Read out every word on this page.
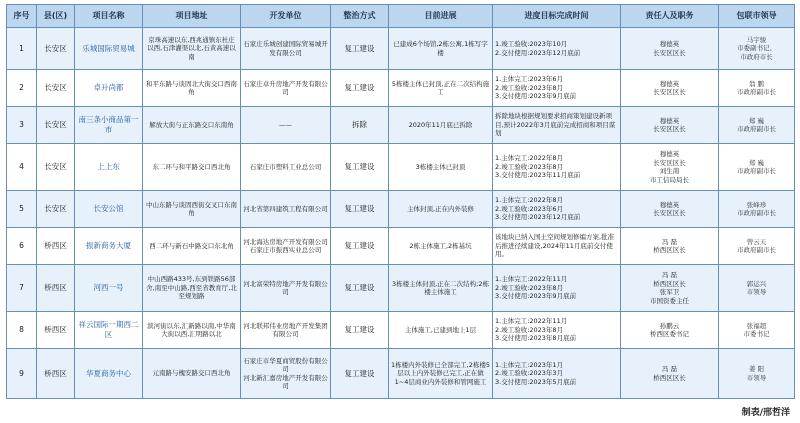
序号	县(区)	项目名称	项目地址	开发单位	整治方式	目前进展	进度目标完成时间	责任人及职务	包联市领导
1	长安区	乐城国际贸易城	京珠高速以东,西兆通镇东杜庄以西,石津灌渠以北,石黄高速以南	石家庄乐城创建国际贸易城开发有限公司	复工建设	已建成6个场馆,2栋公寓,1栋写字楼	1.竣工验收:2023年10月
2.交付使用:2023年12月底前	穆德英
长安区区长	马宇骏
市委副书记、
市政府市长
2	长安区	卓升尚都	和平东路与谈固北大街交口西南角	石家庄卓升房地产开发有限公司	复工建设	5栋楼主体已封顶,正在二次结构施工	1.主体完工:2023年6月
2.竣工验收:2023年8月
3.交付使用:2023年9月底前	穆德英
长安区区长	翁 鹏
市政府副市长
3	长安区	南三条小商品第一市	解放大街与正东路交口东南角	——	拆除	2020年11月底已拆除	拆除地块根据规划要求招商策划建设新项目,预计2022年3月底前完成招商和项目谋划	穆德英
长安区区长	郑 巍
市政府副市长
4	长安区	上上东	东二环与和平路交口西北角	石家庄市塑料工业总公司	复工建设	3栋楼主体已封顶	1.主体完工:2022年8月
2.竣工验收:2023年8月
3.交付使用:2023年11月底前	穆德英
长安区区长
刘生南
市工信局局长	郑 巍
市政府副市长
5	长安区	长安公馆	中山东路与谈固西街交叉口东南角	河北省第四建筑工程有限公司	复工建设	主体封顶,正在内外装修	1.主体完工:2022年8月
2.竣工验收:2023年6月
3.交付使用:2023年12月底前	穆德英
长安区区长	张峰珍
市政府副市长
6	桥西区	振新商务大厦	西二环与新石中路交口东北角	河北海达房地产开发有限公司
石家庄市振西实业总公司	复工建设	2栋主体施工,2栋基坑	该地块已纳入国土空间规划修编方案,批准后推进径续建设,2024年11月底前交付使用。	冯 磊
桥西区区长	曾云天
市政府副市长
7	桥西区	河西一号	中山西路433号,东到铁路56部舍,南至中山路,西至省教育厅,北至规划路	河北富荣特房地产开发有限公司	复工建设	3栋楼主体封顶,正在二次结构;2栋楼主体施工	1.主体完工:2022年11月
2.竣工验收:2023年8月
3.交付使用:2023年9月底前	冯 磊
桥西区区长
张军卫
市国资委主任	郭运兴
市领导
8	桥西区	祥云国际一期西二区	滨河街以东,汇新路以南,中华南大街以西,汇明路以北	河北联邦伟业房地产开发集团有限公司	复工建设	主体施工,已建到地上1层	1.主体完工:2022年11月
2.竣工验收:2023年8月
3.交付使用:2023年8月底前	孙鹏云
桥西区委书记	张福超
市委书记
9	桥西区	华夏商务中心	元南路与槐安路交口西北角	石家庄市华夏商贸股份有限公司
河北新汇嘉房地产开发有限公司	复工建设	1栋楼内外装修已全部完工,2栋楼5层以上内外装修已完工,正在做1~4层商业内外装修和管网施工	1.主体完工:2023年1月
2.竣工验收:2023年3月
3.交付使用:2023年5月底前	冯 磊
桥西区区长	姜 阳
市领导
制表/邢哲洋
